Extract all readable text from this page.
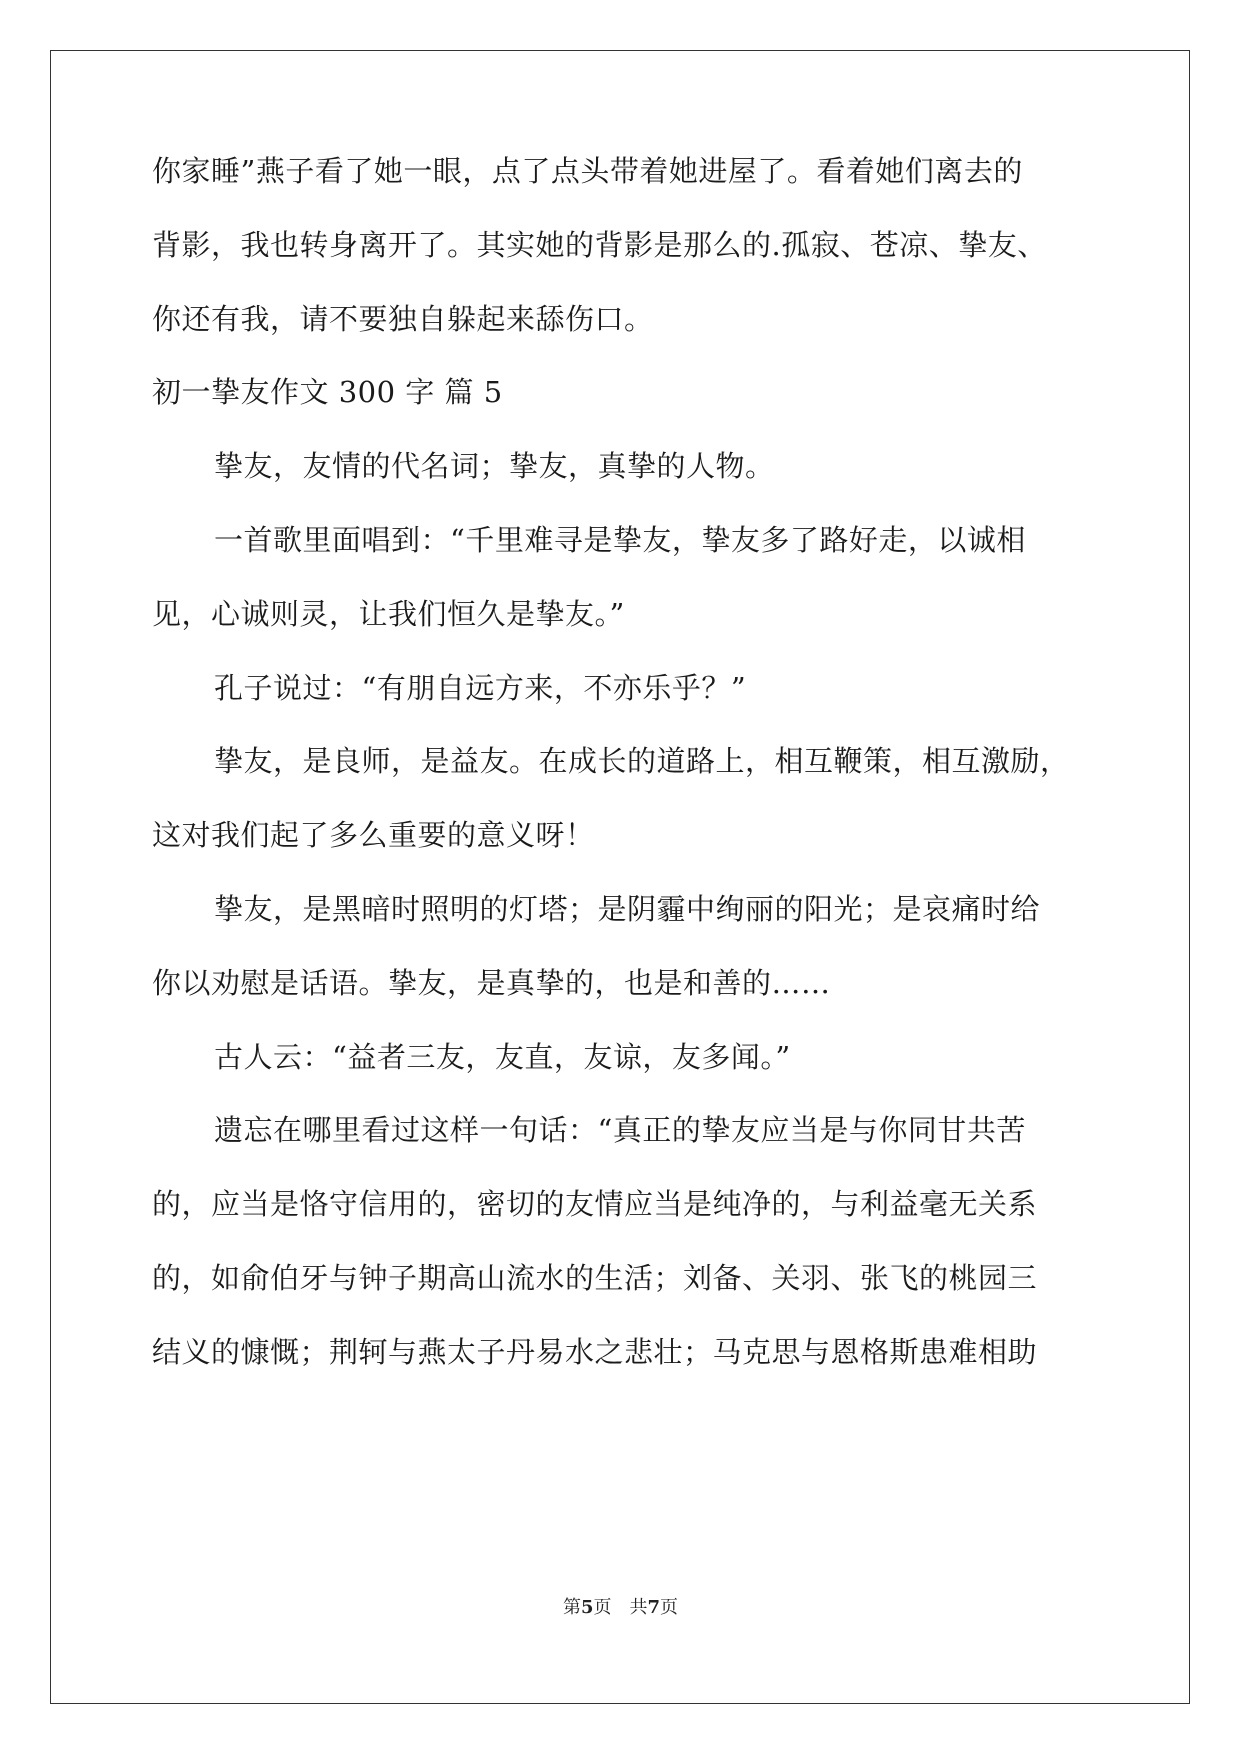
你家睡”燕子看了她一眼，点了点头带着她进屋了。看着她们离去的
背影，我也转身离开了。其实她的背影是那么的.孤寂、苍凉、挚友、
你还有我，请不要独自躲起来舔伤口。
初一挚友作文 300 字 篇 5
挚友，友情的代名词；挚友，真挚的人物。
一首歌里面唱到：“千里难寻是挚友，挚友多了路好走，以诚相
见，心诚则灵，让我们恒久是挚友。”
孔子说过：“有朋自远方来，不亦乐乎？”
挚友，是良师，是益友。在成长的道路上，相互鞭策，相互激励，
这对我们起了多么重要的意义呀！
挚友，是黑暗时照明的灯塔；是阴霾中绚丽的阳光；是哀痛时给
你以劝慰是话语。挚友，是真挚的，也是和善的……
古人云：“益者三友，友直，友谅，友多闻。”
遗忘在哪里看过这样一句话：“真正的挚友应当是与你同甘共苦
的，应当是恪守信用的，密切的友情应当是纯净的，与利益毫无关系
的，如俞伯牙与钟子期高山流水的生活；刘备、关羽、张飞的桃园三
结义的慷慨；荆轲与燕太子丹易水之悲壮；马克思与恩格斯患难相助
第5页　共7页
